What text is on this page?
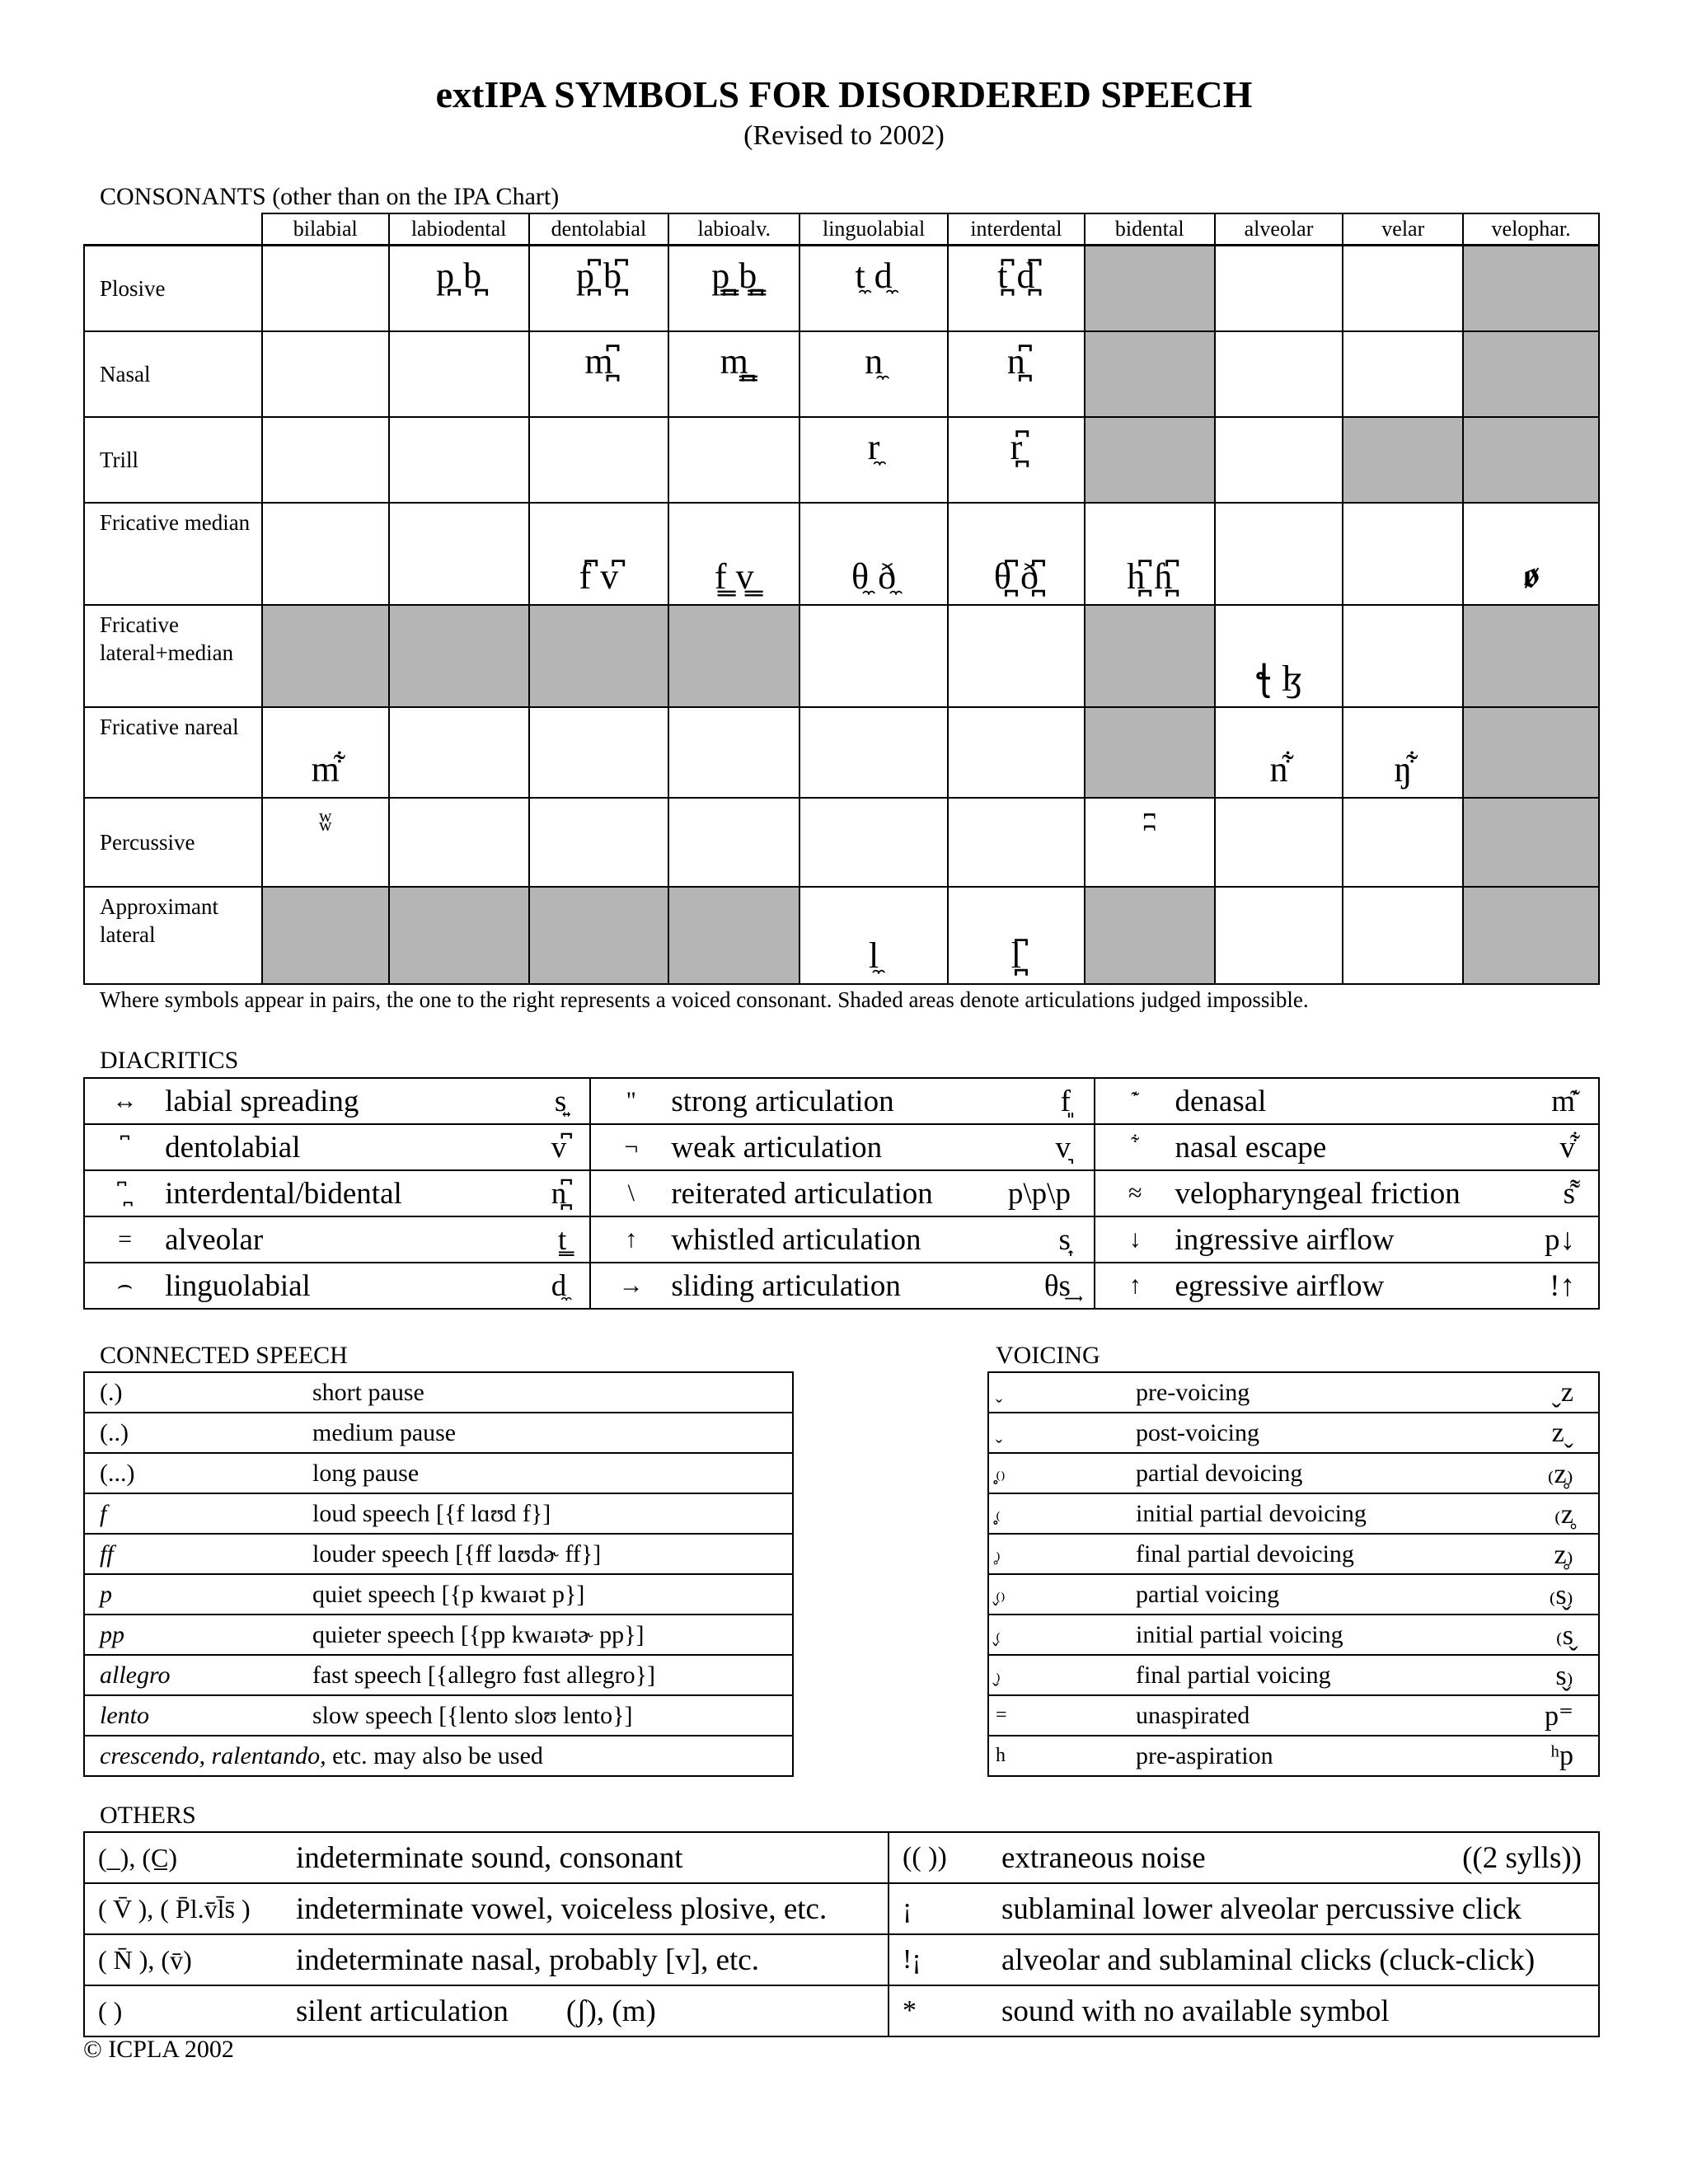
extIPA SYMBOLS FOR DISORDERED SPEECH
(Revised to 2002)
CONSONANTS (other than on the IPA Chart)
	bilabial	labiodental	dentolabial	labioalv.	linguolabial	interdental	bidental	alveolar	velar	velophar.
Plosive		p̪ b̪	p̪͆ b̪͆	p̪͇ b̪͇	t̼ d̼	t̪͆ d̪͆				
Nasal			m̪͆	m̪͇	n̼	n̪͆				
Trill					r̼	r̪͆				
Fricative median			f͆ v͆	f͇ v͇	θ̼ ð̼	θ̪͆ ð̪͆	h̪͆ ɦ̪͆			ꬾ
Fricative lateral+median								ꞎ ɮ		
Fricative nareal	m͋							n͋	ŋ͋	
Percussive	ʬ						ʭ			
Approximant lateral					l̼	l̪͆				
Where symbols appear in pairs, the one to the right represents a voiced consonant. Shaded areas denote articulations judged impossible.
DIACRITICS
↔	labial spreading	s͍	"	strong articulation	f͈		denasal	m͊
	dentolabial	v͆	¬	weak articulation	v͉		nasal escape	v͋
͆ ̪	interdental/bidental	n̪͆	\	reiterated articulation	p\p\p	≈	velopharyngeal friction	s͌
=	alveolar	t͇	↑	whistled articulation	s͎	↓	ingressive airflow	p↓
⌢	linguolabial	d̼	→	sliding articulation	θs͢	↑	egressive airflow	!↑
CONNECTED SPEECH
(.)	short pause
(..)	medium pause
(...)	long pause
f	loud speech [{f lɑʊd f}]
ff	louder speech [{ff lɑʊdɚ ff}]
p	quiet speech [{p kwaɪət p}]
pp	quieter speech [{pp kwaɪətɚ pp}]
allegro	fast speech [{allegro fɑst allegro}]
lento	slow speech [{lento sloʊ lento}]
crescendo, ralentando, etc. may also be used	
VOICING
ˬ	pre-voicing	ˬz
ˬ	post-voicing	zˬ
₍̥₎	partial devoicing	₍z̥₎
₍̥	initial partial devoicing	₍z̥
̥₎	final partial devoicing	z̥₎
₍̬₎	partial voicing	₍s̬₎
₍̬	initial partial voicing	₍s̬
̬₎	final partial voicing	s̬₎
=	unaspirated	p⁼
h	pre-aspiration	ʰp
OTHERS
(_), (C̲)	indeterminate sound, consonant	(( ))	extraneous noise ((2 sylls))

( V̄ ), ( P̄l.v̄l̄s̄ )	indeterminate vowel, voiceless plosive, etc.	¡	sublaminal lower alveolar percussive click
( N̄ ), (v̄)	indeterminate nasal, probably [v], etc.	!¡	alveolar and sublaminal clicks (cluck-click)
( )	silent articulation (ʃ), (m)	*	sound with no available symbol
© ICPLA 2002
